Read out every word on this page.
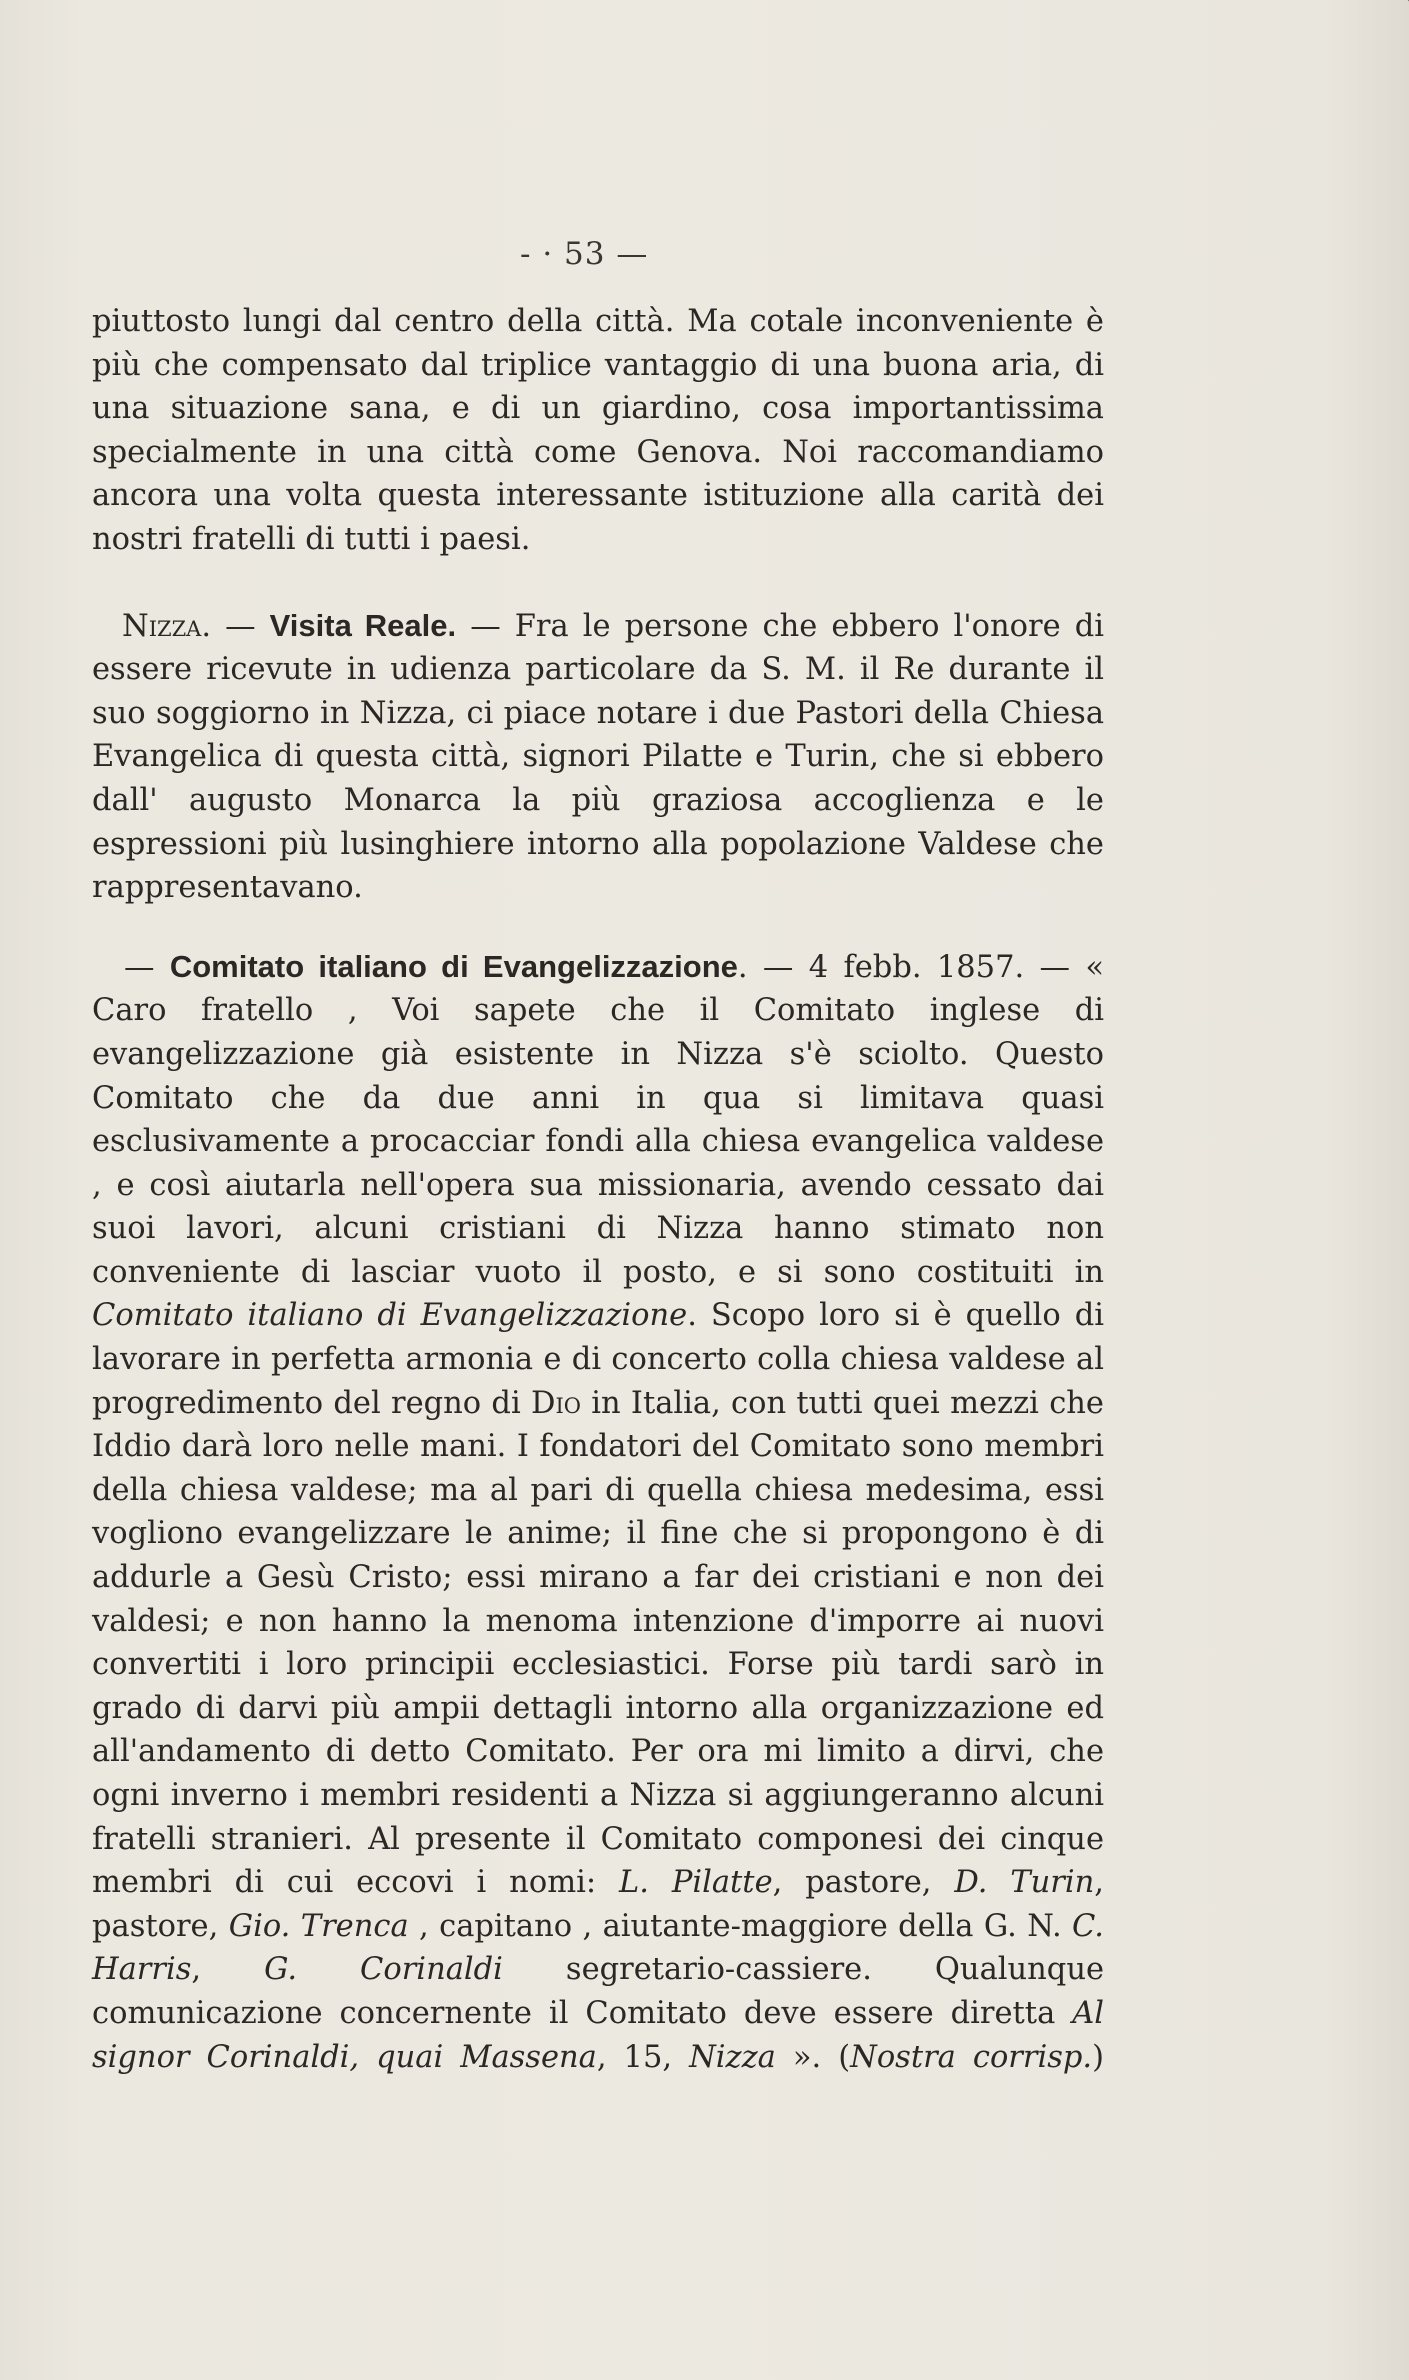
- · 53 —

piuttosto lungi dal centro della città. Ma cotale inconveniente è più che compensato dal triplice vantaggio di una buona aria, di una situazione sana, e di un giardino, cosa importantissima specialmente in una città come Genova. Noi raccomandiamo ancora una volta questa interessante istituzione alla carità dei nostri fratelli di tutti i paesi.

Nizza. — Visita Reale. — Fra le persone che ebbero l'onore di essere ricevute in udienza particolare da S. M. il Re durante il suo soggiorno in Nizza, ci piace notare i due Pastori della Chiesa Evangelica di questa città, signori Pilatte e Turin, che si ebbero dall' augusto Monarca la più graziosa accoglienza e le espressioni più lusinghiere intorno alla popolazione Valdese che rappresentavano.

— Comitato italiano di Evangelizzazione. — 4 febb. 1857. — « Caro fratello , Voi sapete che il Comitato inglese di evangelizzazione già esistente in Nizza s'è sciolto. Questo Comitato che da due anni in qua si limitava quasi esclusivamente a procacciar fondi alla chiesa evangelica valdese , e così aiutarla nell'opera sua missionaria, avendo cessato dai suoi lavori, alcuni cristiani di Nizza hanno stimato non conveniente di lasciar vuoto il posto, e si sono costituiti in Comitato italiano di Evangelizzazione. Scopo loro si è quello di lavorare in perfetta armonia e di concerto colla chiesa valdese al progredimento del regno di Dio in Italia, con tutti quei mezzi che Iddio darà loro nelle mani. I fondatori del Comitato sono membri della chiesa valdese; ma al pari di quella chiesa medesima, essi vogliono evangelizzare le anime; il fine che si propongono è di addurle a Gesù Cristo; essi mirano a far dei cristiani e non dei valdesi; e non hanno la menoma intenzione d'imporre ai nuovi convertiti i loro principii ecclesiastici. Forse più tardi sarò in grado di darvi più ampii dettagli intorno alla organizzazione ed all'andamento di detto Comitato. Per ora mi limito a dirvi, che ogni inverno i membri residenti a Nizza si aggiungeranno alcuni fratelli stranieri. Al presente il Comitato componesi dei cinque membri di cui eccovi i nomi: L. Pilatte, pastore, D. Turin, pastore, Gio. Trenca , capitano , aiutante-maggiore della G. N. C. Harris, G. Corinaldi segretario-cassiere. Qualunque comunicazione concernente il Comitato deve essere diretta Al signor Corinaldi, quai Massena, 15, Nizza ». (Nostra corrisp.)
